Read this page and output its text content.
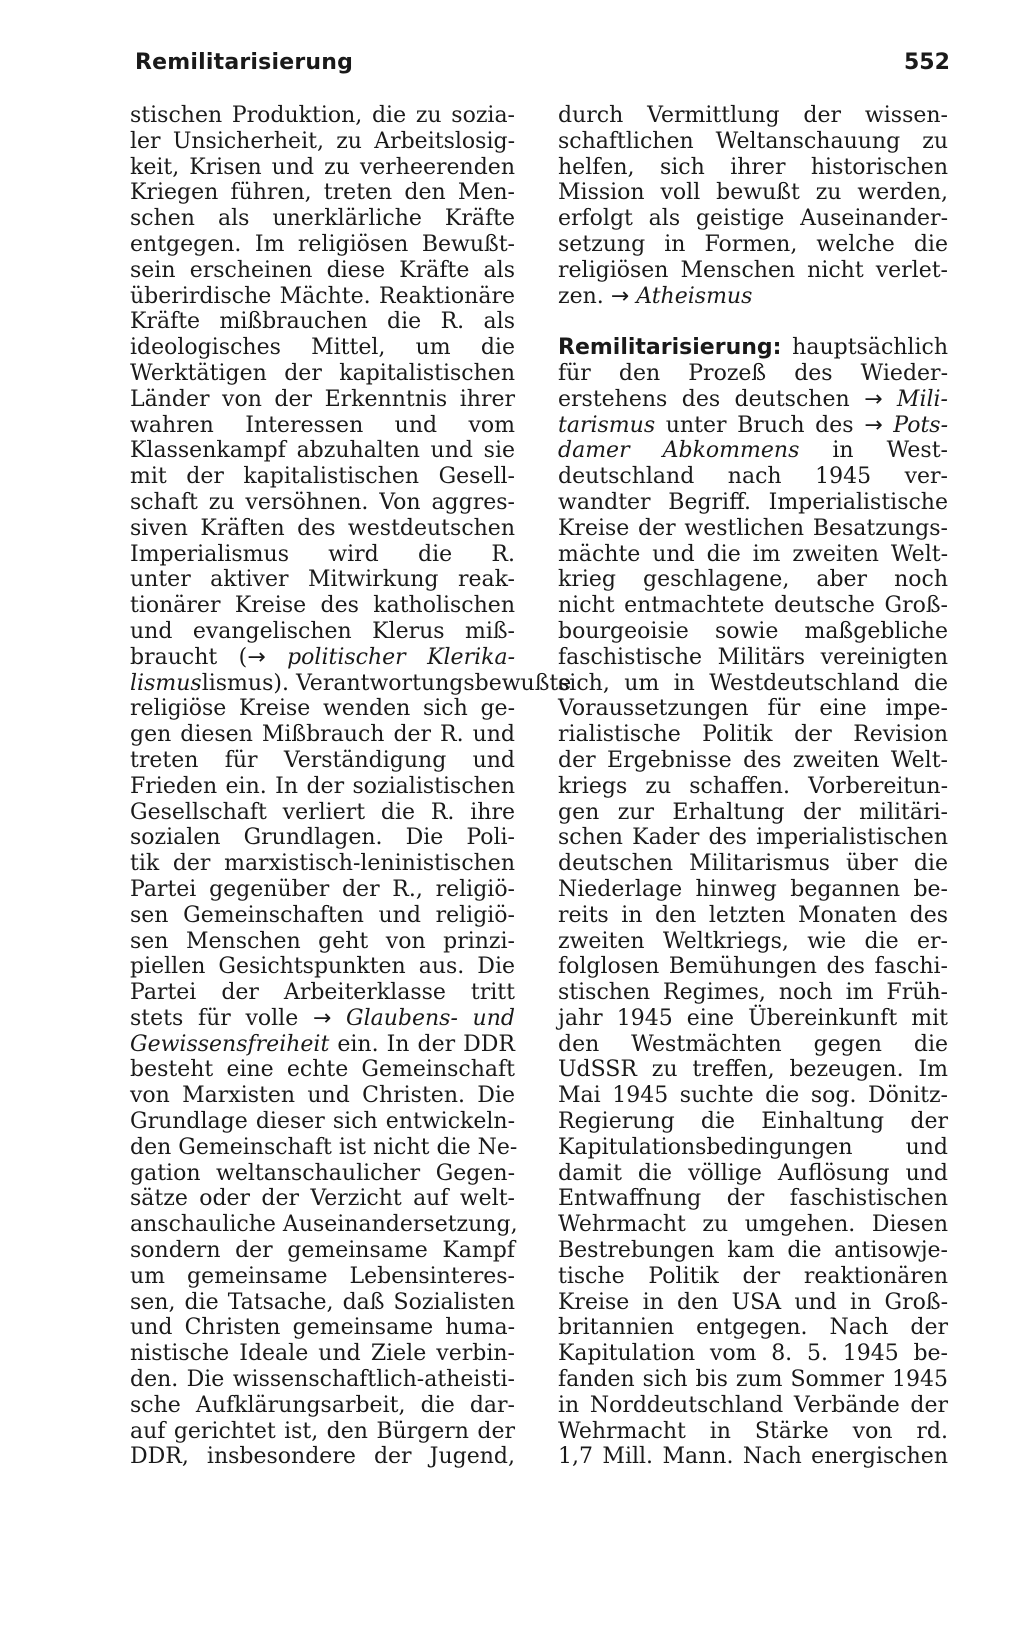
Remilitarisierung	552
stischen Produktion, die zu sozia-
ler Unsicherheit, zu Arbeitslosig-
keit, Krisen und zu verheerenden
Kriegen führen, treten den Men-
schen als unerklärliche Kräfte
entgegen. Im religiösen Bewußt-
sein erscheinen diese Kräfte als
überirdische Mächte. Reaktionäre
Kräfte mißbrauchen die R. als
ideologisches Mittel, um die
Werktätigen der kapitalistischen
Länder von der Erkenntnis ihrer
wahren Interessen und vom
Klassenkampf abzuhalten und sie
mit der kapitalistischen Gesell-
schaft zu versöhnen. Von aggres-
siven Kräften des westdeutschen
Imperialismus wird die R.
unter aktiver Mitwirkung reak-
tionärer Kreise des katholischen
und evangelischen Klerus miß-
braucht (→ politischer Klerika-
lismuslismus). Verantwortungsbewußte
religiöse Kreise wenden sich ge-
gen diesen Mißbrauch der R. und
treten für Verständigung und
Frieden ein. In der sozialistischen
Gesellschaft verliert die R. ihre
sozialen Grundlagen. Die Poli-
tik der marxistisch-leninistischen
Partei gegenüber der R., religiö-
sen Gemeinschaften und religiö-
sen Menschen geht von prinzi-
piellen Gesichtspunkten aus. Die
Partei der Arbeiterklasse tritt
stets für volle → Glaubens- und
Gewissensfreiheit ein. In der DDR
besteht eine echte Gemeinschaft
von Marxisten und Christen. Die
Grundlage dieser sich entwickeln-
den Gemeinschaft ist nicht die Ne-
gation weltanschaulicher Gegen-
sätze oder der Verzicht auf welt-
anschauliche Auseinandersetzung,
sondern der gemeinsame Kampf
um gemeinsame Lebensinteres-
sen, die Tatsache, daß Sozialisten
und Christen gemeinsame huma-
nistische Ideale und Ziele verbin-
den. Die wissenschaftlich-atheisti-
sche Aufklärungsarbeit, die dar-
auf gerichtet ist, den Bürgern der
DDR, insbesondere der Jugend,
durch Vermittlung der wissen-
schaftlichen Weltanschauung zu
helfen, sich ihrer historischen
Mission voll bewußt zu werden,
erfolgt als geistige Auseinander-
setzung in Formen, welche die
religiösen Menschen nicht verlet-
zen. → Atheismus
Remilitarisierung: hauptsächlich
für den Prozeß des Wieder-
erstehens des deutschen → Mili-
tarismus unter Bruch des → Pots-
damer Abkommens in West-
deutschland nach 1945 ver-
wandter Begriff. Imperialistische
Kreise der westlichen Besatzungs-
mächte und die im zweiten Welt-
krieg geschlagene, aber noch
nicht entmachtete deutsche Groß-
bourgeoisie sowie maßgebliche
faschistische Militärs vereinigten
sich, um in Westdeutschland die
Voraussetzungen für eine impe-
rialistische Politik der Revision
der Ergebnisse des zweiten Welt-
kriegs zu schaffen. Vorbereitun-
gen zur Erhaltung der militäri-
schen Kader des imperialistischen
deutschen Militarismus über die
Niederlage hinweg begannen be-
reits in den letzten Monaten des
zweiten Weltkriegs, wie die er-
folglosen Bemühungen des faschi-
stischen Regimes, noch im Früh-
jahr 1945 eine Übereinkunft mit
den Westmächten gegen die
UdSSR zu treffen, bezeugen. Im
Mai 1945 suchte die sog. Dönitz-
Regierung die Einhaltung der
Kapitulationsbedingungen und
damit die völlige Auflösung und
Entwaffnung der faschistischen
Wehrmacht zu umgehen. Diesen
Bestrebungen kam die antisowje-
tische Politik der reaktionären
Kreise in den USA und in Groß-
britannien entgegen. Nach der
Kapitulation vom 8. 5. 1945 be-
fanden sich bis zum Sommer 1945
in Norddeutschland Verbände der
Wehrmacht in Stärke von rd.
1,7 Mill. Mann. Nach energischen
